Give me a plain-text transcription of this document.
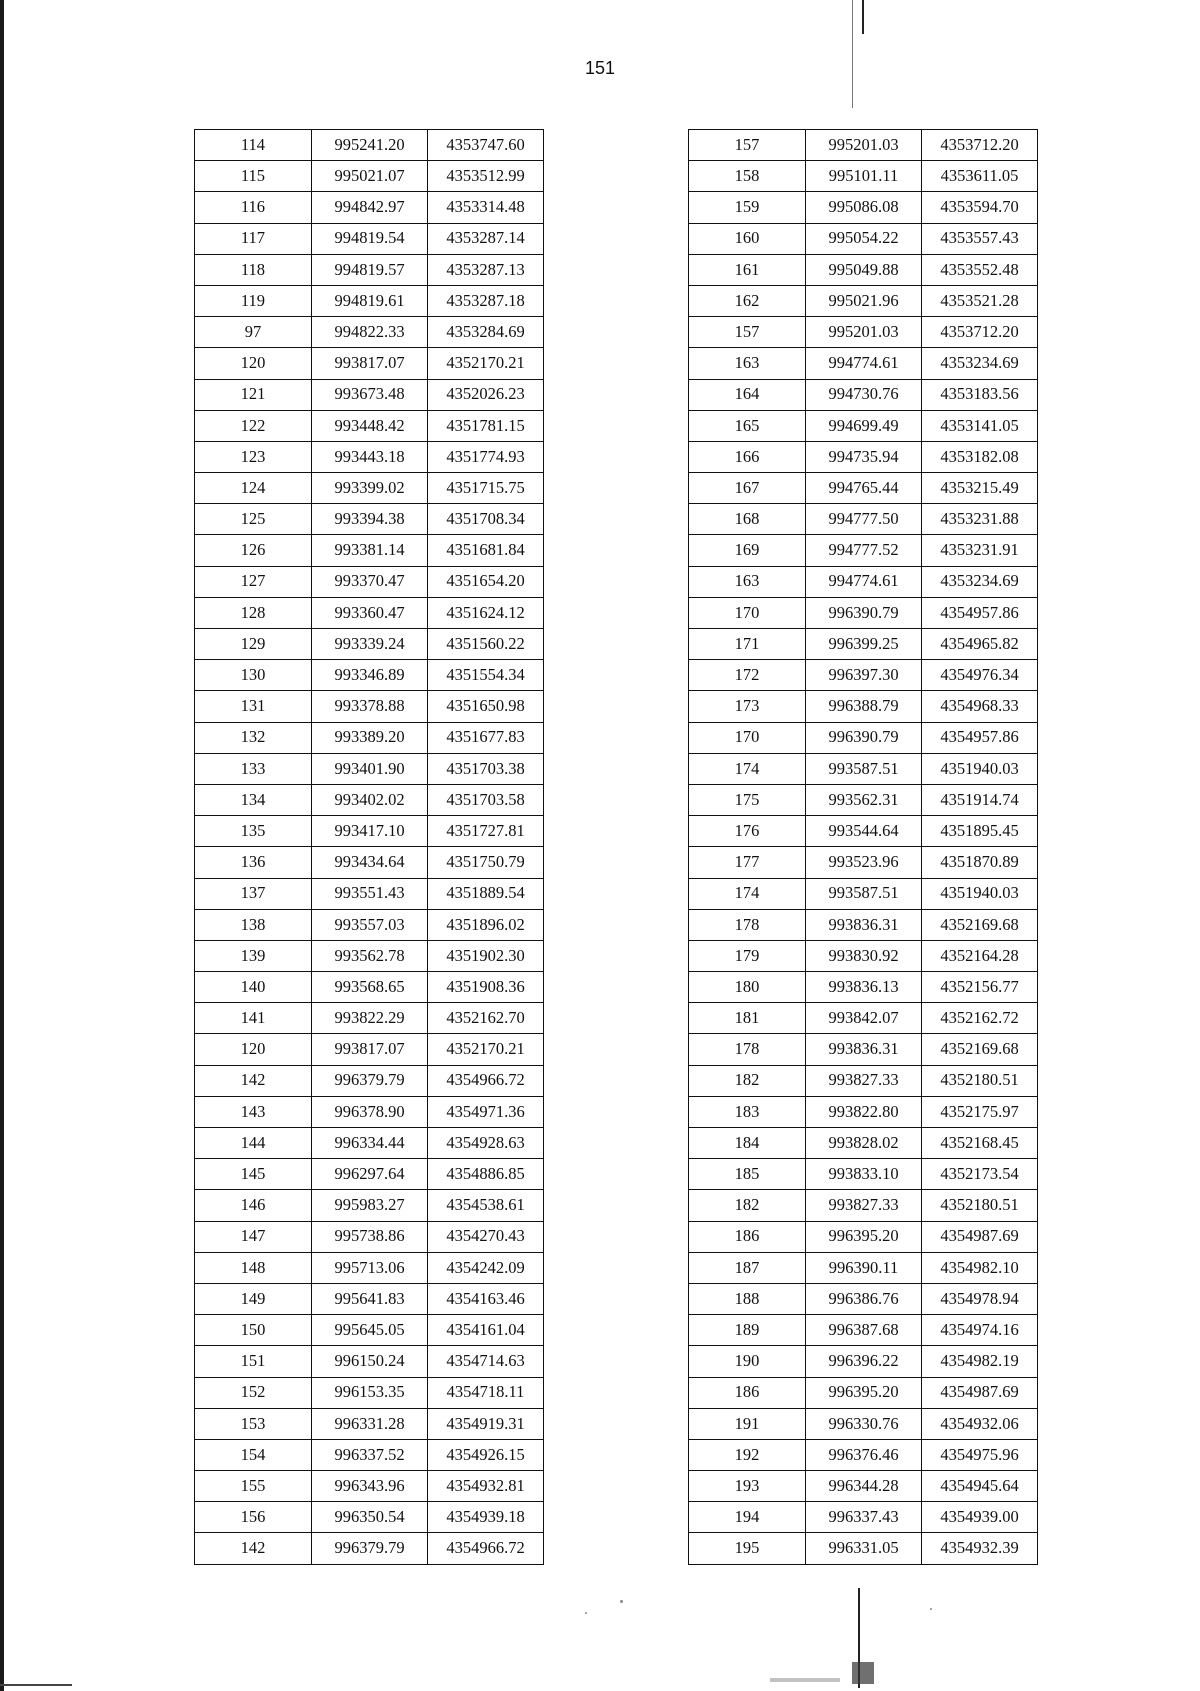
151
114	995241.20	4353747.60
115	995021.07	4353512.99
116	994842.97	4353314.48
117	994819.54	4353287.14
118	994819.57	4353287.13
119	994819.61	4353287.18
97	994822.33	4353284.69
120	993817.07	4352170.21
121	993673.48	4352026.23
122	993448.42	4351781.15
123	993443.18	4351774.93
124	993399.02	4351715.75
125	993394.38	4351708.34
126	993381.14	4351681.84
127	993370.47	4351654.20
128	993360.47	4351624.12
129	993339.24	4351560.22
130	993346.89	4351554.34
131	993378.88	4351650.98
132	993389.20	4351677.83
133	993401.90	4351703.38
134	993402.02	4351703.58
135	993417.10	4351727.81
136	993434.64	4351750.79
137	993551.43	4351889.54
138	993557.03	4351896.02
139	993562.78	4351902.30
140	993568.65	4351908.36
141	993822.29	4352162.70
120	993817.07	4352170.21
142	996379.79	4354966.72
143	996378.90	4354971.36
144	996334.44	4354928.63
145	996297.64	4354886.85
146	995983.27	4354538.61
147	995738.86	4354270.43
148	995713.06	4354242.09
149	995641.83	4354163.46
150	995645.05	4354161.04
151	996150.24	4354714.63
152	996153.35	4354718.11
153	996331.28	4354919.31
154	996337.52	4354926.15
155	996343.96	4354932.81
156	996350.54	4354939.18
142	996379.79	4354966.72
157	995201.03	4353712.20
158	995101.11	4353611.05
159	995086.08	4353594.70
160	995054.22	4353557.43
161	995049.88	4353552.48
162	995021.96	4353521.28
157	995201.03	4353712.20
163	994774.61	4353234.69
164	994730.76	4353183.56
165	994699.49	4353141.05
166	994735.94	4353182.08
167	994765.44	4353215.49
168	994777.50	4353231.88
169	994777.52	4353231.91
163	994774.61	4353234.69
170	996390.79	4354957.86
171	996399.25	4354965.82
172	996397.30	4354976.34
173	996388.79	4354968.33
170	996390.79	4354957.86
174	993587.51	4351940.03
175	993562.31	4351914.74
176	993544.64	4351895.45
177	993523.96	4351870.89
174	993587.51	4351940.03
178	993836.31	4352169.68
179	993830.92	4352164.28
180	993836.13	4352156.77
181	993842.07	4352162.72
178	993836.31	4352169.68
182	993827.33	4352180.51
183	993822.80	4352175.97
184	993828.02	4352168.45
185	993833.10	4352173.54
182	993827.33	4352180.51
186	996395.20	4354987.69
187	996390.11	4354982.10
188	996386.76	4354978.94
189	996387.68	4354974.16
190	996396.22	4354982.19
186	996395.20	4354987.69
191	996330.76	4354932.06
192	996376.46	4354975.96
193	996344.28	4354945.64
194	996337.43	4354939.00
195	996331.05	4354932.39
